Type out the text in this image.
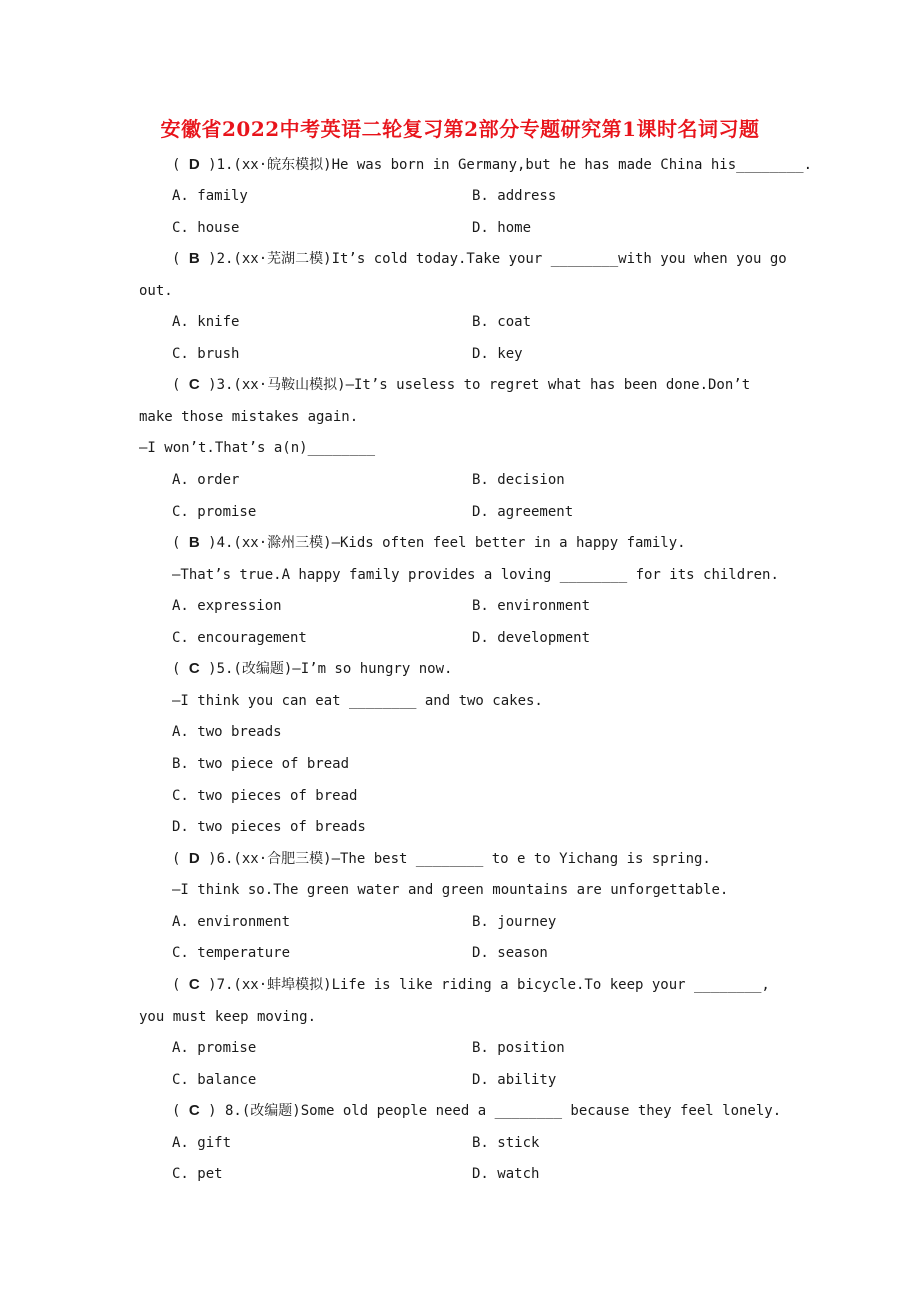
安徽省2022中考英语二轮复习第2部分专题研究第1课时名词习题
( D )1.(xx·皖东模拟)He was born in Germany,but he has made China his________.
A. family	B. address
C. house	D. home
( B )2.(xx·芜湖二模)It’s cold today.Take your ________with you when you go
out.
A. knife	B. coat
C. brush	D. key
( C )3.(xx·马鞍山模拟)—It’s useless to regret what has been done.Don’t
make those mistakes again.
—I won’t.That’s a(n)________
A. order	B. decision
C. promise	D. agreement
( B )4.(xx·滁州三模)—Kids often feel better in a happy family.
—That’s true.A happy family provides a loving ________ for its children.
A. expression	B. environment
C. encouragement	D. development
( C )5.(改编题)—I’m so hungry now.
—I think you can eat ________ and two cakes.
A. two breads
B. two piece of bread
C. two pieces of bread
D. two pieces of breads
( D )6.(xx·合肥三模)—The best ________ to e to Yichang is spring.
—I think so.The green water and green mountains are unforgettable.
A. environment	B. journey
C. temperature	D. season
( C )7.(xx·蚌埠模拟)Life is like riding a bicycle.To keep your ________,
you must keep moving.
A. promise	B. position
C. balance	D. ability
( C ) 8.(改编题)Some old people need a ________ because they feel lonely.
A. gift	B. stick
C. pet	D. watch
